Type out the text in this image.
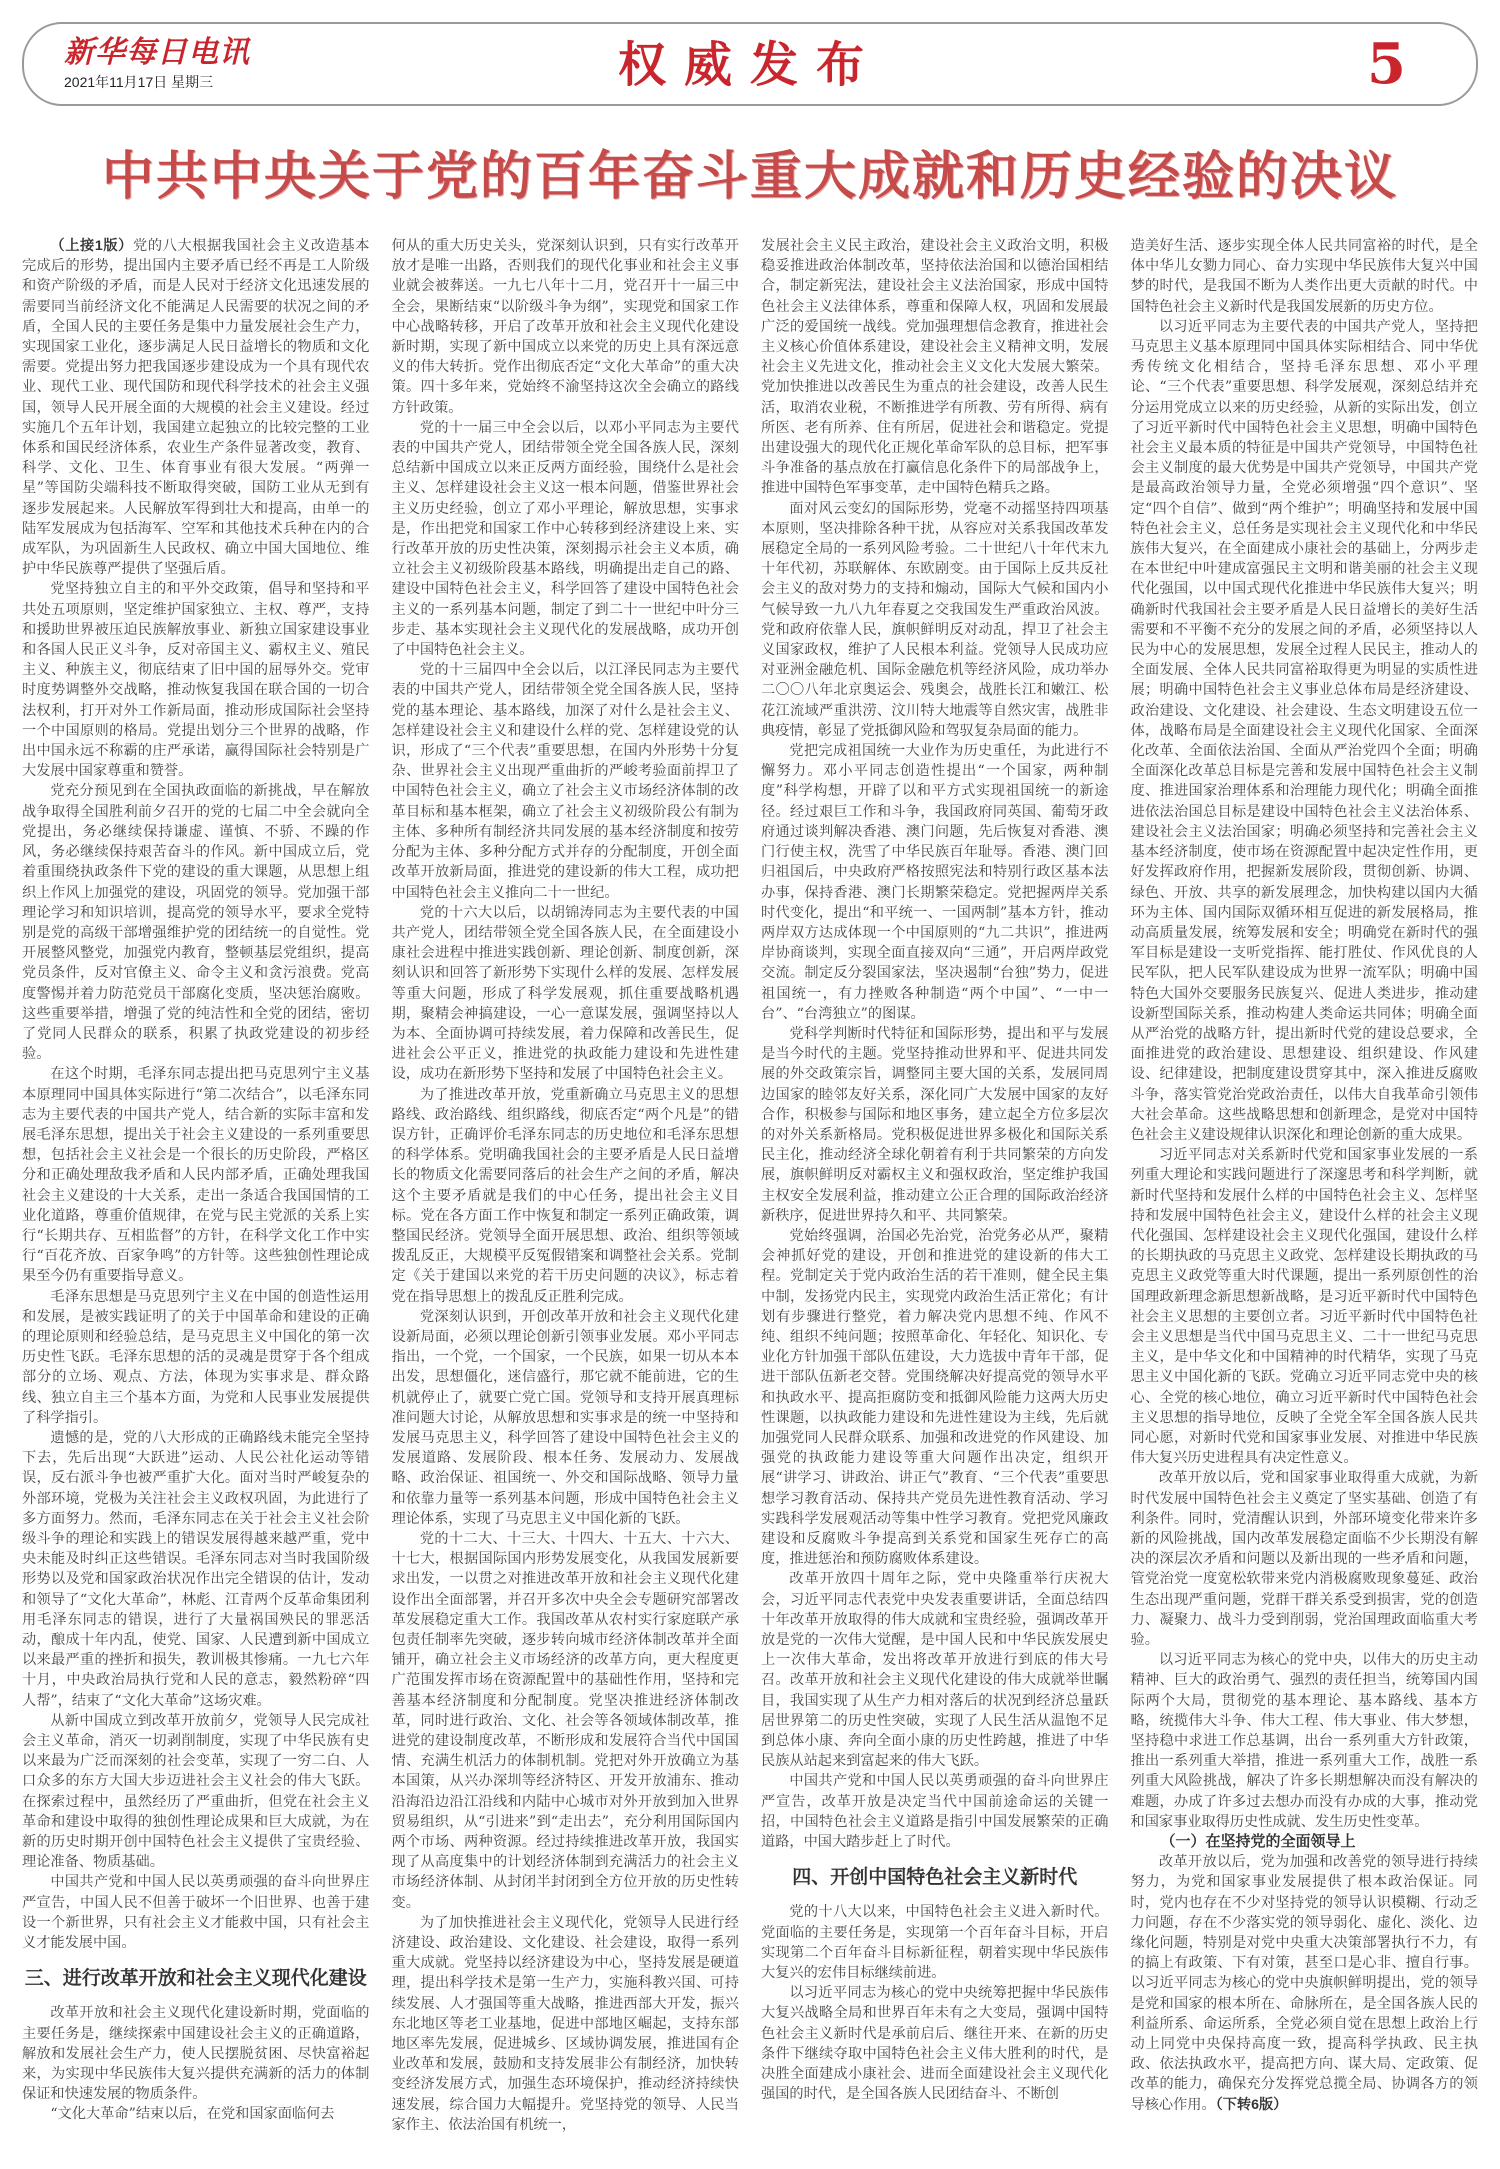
新华每日电讯
2021年11月17日 星期三	权威发布	5
中共中央关于党的百年奋斗重大成就和历史经验的决议

（上接1版）党的八大根据我国社会主义改造基本完成后的形势，提出国内主要矛盾已经不再是工人阶级和资产阶级的矛盾，而是人民对于经济文化迅速发展的需要同当前经济文化不能满足人民需要的状况之间的矛盾，全国人民的主要任务是集中力量发展社会生产力，实现国家工业化，逐步满足人民日益增长的物质和文化需要。党提出努力把我国逐步建设成为一个具有现代农业、现代工业、现代国防和现代科学技术的社会主义强国，领导人民开展全面的大规模的社会主义建设。经过实施几个五年计划，我国建立起独立的比较完整的工业体系和国民经济体系，农业生产条件显著改变，教育、科学、文化、卫生、体育事业有很大发展。“两弹一星”等国防尖端科技不断取得突破，国防工业从无到有逐步发展起来。人民解放军得到壮大和提高，由单一的陆军发展成为包括海军、空军和其他技术兵种在内的合成军队，为巩固新生人民政权、确立中国大国地位、维护中华民族尊严提供了坚强后盾。

党坚持独立自主的和平外交政策，倡导和坚持和平共处五项原则，坚定维护国家独立、主权、尊严，支持和援助世界被压迫民族解放事业、新独立国家建设事业和各国人民正义斗争，反对帝国主义、霸权主义、殖民主义、种族主义，彻底结束了旧中国的屈辱外交。党审时度势调整外交战略，推动恢复我国在联合国的一切合法权利，打开对外工作新局面，推动形成国际社会坚持一个中国原则的格局。党提出划分三个世界的战略，作出中国永远不称霸的庄严承诺，赢得国际社会特别是广大发展中国家尊重和赞誉。

党充分预见到在全国执政面临的新挑战，早在解放战争取得全国胜利前夕召开的党的七届二中全会就向全党提出，务必继续保持谦虚、谨慎、不骄、不躁的作风，务必继续保持艰苦奋斗的作风。新中国成立后，党着重围绕执政条件下党的建设的重大课题，从思想上组织上作风上加强党的建设，巩固党的领导。党加强干部理论学习和知识培训，提高党的领导水平，要求全党特别是党的高级干部增强维护党的团结统一的自觉性。党开展整风整党，加强党内教育，整顿基层党组织，提高党员条件，反对官僚主义、命令主义和贪污浪费。党高度警惕并着力防范党员干部腐化变质，坚决惩治腐败。这些重要举措，增强了党的纯洁性和全党的团结，密切了党同人民群众的联系，积累了执政党建设的初步经验。

在这个时期，毛泽东同志提出把马克思列宁主义基本原理同中国具体实际进行“第二次结合”，以毛泽东同志为主要代表的中国共产党人，结合新的实际丰富和发展毛泽东思想，提出关于社会主义建设的一系列重要思想，包括社会主义社会是一个很长的历史阶段，严格区分和正确处理敌我矛盾和人民内部矛盾，正确处理我国社会主义建设的十大关系，走出一条适合我国国情的工业化道路，尊重价值规律，在党与民主党派的关系上实行“长期共存、互相监督”的方针，在科学文化工作中实行“百花齐放、百家争鸣”的方针等。这些独创性理论成果至今仍有重要指导意义。

毛泽东思想是马克思列宁主义在中国的创造性运用和发展，是被实践证明了的关于中国革命和建设的正确的理论原则和经验总结，是马克思主义中国化的第一次历史性飞跃。毛泽东思想的活的灵魂是贯穿于各个组成部分的立场、观点、方法，体现为实事求是、群众路线、独立自主三个基本方面，为党和人民事业发展提供了科学指引。

遗憾的是，党的八大形成的正确路线未能完全坚持下去，先后出现“大跃进”运动、人民公社化运动等错误，反右派斗争也被严重扩大化。面对当时严峻复杂的外部环境，党极为关注社会主义政权巩固，为此进行了多方面努力。然而，毛泽东同志在关于社会主义社会阶级斗争的理论和实践上的错误发展得越来越严重，党中央未能及时纠正这些错误。毛泽东同志对当时我国阶级形势以及党和国家政治状况作出完全错误的估计，发动和领导了“文化大革命”，林彪、江青两个反革命集团利用毛泽东同志的错误，进行了大量祸国殃民的罪恶活动，酿成十年内乱，使党、国家、人民遭到新中国成立以来最严重的挫折和损失，教训极其惨痛。一九七六年十月，中央政治局执行党和人民的意志，毅然粉碎“四人帮”，结束了“文化大革命”这场灾难。

从新中国成立到改革开放前夕，党领导人民完成社会主义革命，消灭一切剥削制度，实现了中华民族有史以来最为广泛而深刻的社会变革，实现了一穷二白、人口众多的东方大国大步迈进社会主义社会的伟大飞跃。在探索过程中，虽然经历了严重曲折，但党在社会主义革命和建设中取得的独创性理论成果和巨大成就，为在新的历史时期开创中国特色社会主义提供了宝贵经验、理论准备、物质基础。

中国共产党和中国人民以英勇顽强的奋斗向世界庄严宣告，中国人民不但善于破坏一个旧世界、也善于建设一个新世界，只有社会主义才能救中国，只有社会主义才能发展中国。

三、进行改革开放和社会主义现代化建设

改革开放和社会主义现代化建设新时期，党面临的主要任务是，继续探索中国建设社会主义的正确道路，解放和发展社会生产力，使人民摆脱贫困、尽快富裕起来，为实现中华民族伟大复兴提供充满新的活力的体制保证和快速发展的物质条件。

“文化大革命”结束以后，在党和国家面临何去

何从的重大历史关头，党深刻认识到，只有实行改革开放才是唯一出路，否则我们的现代化事业和社会主义事业就会被葬送。一九七八年十二月，党召开十一届三中全会，果断结束“以阶级斗争为纲”，实现党和国家工作中心战略转移，开启了改革开放和社会主义现代化建设新时期，实现了新中国成立以来党的历史上具有深远意义的伟大转折。党作出彻底否定“文化大革命”的重大决策。四十多年来，党始终不渝坚持这次全会确立的路线方针政策。

党的十一届三中全会以后，以邓小平同志为主要代表的中国共产党人，团结带领全党全国各族人民，深刻总结新中国成立以来正反两方面经验，围绕什么是社会主义、怎样建设社会主义这一根本问题，借鉴世界社会主义历史经验，创立了邓小平理论，解放思想，实事求是，作出把党和国家工作中心转移到经济建设上来、实行改革开放的历史性决策，深刻揭示社会主义本质，确立社会主义初级阶段基本路线，明确提出走自己的路、建设中国特色社会主义，科学回答了建设中国特色社会主义的一系列基本问题，制定了到二十一世纪中叶分三步走、基本实现社会主义现代化的发展战略，成功开创了中国特色社会主义。

党的十三届四中全会以后，以江泽民同志为主要代表的中国共产党人，团结带领全党全国各族人民，坚持党的基本理论、基本路线，加深了对什么是社会主义、怎样建设社会主义和建设什么样的党、怎样建设党的认识，形成了“三个代表”重要思想，在国内外形势十分复杂、世界社会主义出现严重曲折的严峻考验面前捍卫了中国特色社会主义，确立了社会主义市场经济体制的改革目标和基本框架，确立了社会主义初级阶段公有制为主体、多种所有制经济共同发展的基本经济制度和按劳分配为主体、多种分配方式并存的分配制度，开创全面改革开放新局面，推进党的建设新的伟大工程，成功把中国特色社会主义推向二十一世纪。

党的十六大以后，以胡锦涛同志为主要代表的中国共产党人，团结带领全党全国各族人民，在全面建设小康社会进程中推进实践创新、理论创新、制度创新，深刻认识和回答了新形势下实现什么样的发展、怎样发展等重大问题，形成了科学发展观，抓住重要战略机遇期，聚精会神搞建设，一心一意谋发展，强调坚持以人为本、全面协调可持续发展，着力保障和改善民生，促进社会公平正义，推进党的执政能力建设和先进性建设，成功在新形势下坚持和发展了中国特色社会主义。

为了推进改革开放，党重新确立马克思主义的思想路线、政治路线、组织路线，彻底否定“两个凡是”的错误方针，正确评价毛泽东同志的历史地位和毛泽东思想的科学体系。党明确我国社会的主要矛盾是人民日益增长的物质文化需要同落后的社会生产之间的矛盾，解决这个主要矛盾就是我们的中心任务，提出社会主义目标。党在各方面工作中恢复和制定一系列正确政策，调整国民经济。党领导全面开展思想、政治、组织等领域拨乱反正，大规模平反冤假错案和调整社会关系。党制定《关于建国以来党的若干历史问题的决议》，标志着党在指导思想上的拨乱反正胜利完成。

党深刻认识到，开创改革开放和社会主义现代化建设新局面，必须以理论创新引领事业发展。邓小平同志指出，一个党，一个国家，一个民族，如果一切从本本出发，思想僵化，迷信盛行，那它就不能前进，它的生机就停止了，就要亡党亡国。党领导和支持开展真理标准问题大讨论，从解放思想和实事求是的统一中坚持和发展马克思主义，科学回答了建设中国特色社会主义的发展道路、发展阶段、根本任务、发展动力、发展战略、政治保证、祖国统一、外交和国际战略、领导力量和依靠力量等一系列基本问题，形成中国特色社会主义理论体系，实现了马克思主义中国化新的飞跃。

党的十二大、十三大、十四大、十五大、十六大、十七大，根据国际国内形势发展变化，从我国发展新要求出发，一以贯之对推进改革开放和社会主义现代化建设作出全面部署，并召开多次中央全会专题研究部署改革发展稳定重大工作。我国改革从农村实行家庭联产承包责任制率先突破，逐步转向城市经济体制改革并全面铺开，确立社会主义市场经济的改革方向，更大程度更广范围发挥市场在资源配置中的基础性作用，坚持和完善基本经济制度和分配制度。党坚决推进经济体制改革，同时进行政治、文化、社会等各领域体制改革，推进党的建设制度改革，不断形成和发展符合当代中国国情、充满生机活力的体制机制。党把对外开放确立为基本国策，从兴办深圳等经济特区、开发开放浦东、推动沿海沿边沿江沿线和内陆中心城市对外开放到加入世界贸易组织，从“引进来”到“走出去”，充分利用国际国内两个市场、两种资源。经过持续推进改革开放，我国实现了从高度集中的计划经济体制到充满活力的社会主义市场经济体制、从封闭半封闭到全方位开放的历史性转变。

为了加快推进社会主义现代化，党领导人民进行经济建设、政治建设、文化建设、社会建设，取得一系列重大成就。党坚持以经济建设为中心，坚持发展是硬道理，提出科学技术是第一生产力，实施科教兴国、可持续发展、人才强国等重大战略，推进西部大开发，振兴东北地区等老工业基地，促进中部地区崛起，支持东部地区率先发展，促进城乡、区域协调发展，推进国有企业改革和发展，鼓励和支持发展非公有制经济，加快转变经济发展方式，加强生态环境保护，推动经济持续快速发展，综合国力大幅提升。党坚持党的领导、人民当家作主、依法治国有机统一，

发展社会主义民主政治，建设社会主义政治文明，积极稳妥推进政治体制改革，坚持依法治国和以德治国相结合，制定新宪法，建设社会主义法治国家，形成中国特色社会主义法律体系，尊重和保障人权，巩固和发展最广泛的爱国统一战线。党加强理想信念教育，推进社会主义核心价值体系建设，建设社会主义精神文明，发展社会主义先进文化，推动社会主义文化大发展大繁荣。党加快推进以改善民生为重点的社会建设，改善人民生活，取消农业税，不断推进学有所教、劳有所得、病有所医、老有所养、住有所居，促进社会和谐稳定。党提出建设强大的现代化正规化革命军队的总目标，把军事斗争准备的基点放在打赢信息化条件下的局部战争上，推进中国特色军事变革，走中国特色精兵之路。

面对风云变幻的国际形势，党毫不动摇坚持四项基本原则，坚决排除各种干扰，从容应对关系我国改革发展稳定全局的一系列风险考验。二十世纪八十年代末九十年代初，苏联解体、东欧剧变。由于国际上反共反社会主义的敌对势力的支持和煽动，国际大气候和国内小气候导致一九八九年春夏之交我国发生严重政治风波。党和政府依靠人民，旗帜鲜明反对动乱，捍卫了社会主义国家政权，维护了人民根本利益。党领导人民成功应对亚洲金融危机、国际金融危机等经济风险，成功举办二〇〇八年北京奥运会、残奥会，战胜长江和嫩江、松花江流域严重洪涝、汶川特大地震等自然灾害，战胜非典疫情，彰显了党抵御风险和驾驭复杂局面的能力。

党把完成祖国统一大业作为历史重任，为此进行不懈努力。邓小平同志创造性提出“一个国家，两种制度”科学构想，开辟了以和平方式实现祖国统一的新途径。经过艰巨工作和斗争，我国政府同英国、葡萄牙政府通过谈判解决香港、澳门问题，先后恢复对香港、澳门行使主权，洗雪了中华民族百年耻辱。香港、澳门回归祖国后，中央政府严格按照宪法和特别行政区基本法办事，保持香港、澳门长期繁荣稳定。党把握两岸关系时代变化，提出“和平统一、一国两制”基本方针，推动两岸双方达成体现一个中国原则的“九二共识”，推进两岸协商谈判，实现全面直接双向“三通”，开启两岸政党交流。制定反分裂国家法，坚决遏制“台独”势力，促进祖国统一，有力挫败各种制造“两个中国”、“一中一台”、“台湾独立”的图谋。

党科学判断时代特征和国际形势，提出和平与发展是当今时代的主题。党坚持推动世界和平、促进共同发展的外交政策宗旨，调整同主要大国的关系，发展同周边国家的睦邻友好关系，深化同广大发展中国家的友好合作，积极参与国际和地区事务，建立起全方位多层次的对外关系新格局。党积极促进世界多极化和国际关系民主化，推动经济全球化朝着有利于共同繁荣的方向发展，旗帜鲜明反对霸权主义和强权政治，坚定维护我国主权安全发展利益，推动建立公正合理的国际政治经济新秩序，促进世界持久和平、共同繁荣。

党始终强调，治国必先治党，治党务必从严，聚精会神抓好党的建设，开创和推进党的建设新的伟大工程。党制定关于党内政治生活的若干准则，健全民主集中制，发扬党内民主，实现党内政治生活正常化；有计划有步骤进行整党，着力解决党内思想不纯、作风不纯、组织不纯问题；按照革命化、年轻化、知识化、专业化方针加强干部队伍建设，大力选拔中青年干部，促进干部队伍新老交替。党围绕解决好提高党的领导水平和执政水平、提高拒腐防变和抵御风险能力这两大历史性课题，以执政能力建设和先进性建设为主线，先后就加强党同人民群众联系、加强和改进党的作风建设、加强党的执政能力建设等重大问题作出决定，组织开展“讲学习、讲政治、讲正气”教育、“三个代表”重要思想学习教育活动、保持共产党员先进性教育活动、学习实践科学发展观活动等集中性学习教育。党把党风廉政建设和反腐败斗争提高到关系党和国家生死存亡的高度，推进惩治和预防腐败体系建设。

改革开放四十周年之际，党中央隆重举行庆祝大会，习近平同志代表党中央发表重要讲话，全面总结四十年改革开放取得的伟大成就和宝贵经验，强调改革开放是党的一次伟大觉醒，是中国人民和中华民族发展史上一次伟大革命，发出将改革开放进行到底的伟大号召。改革开放和社会主义现代化建设的伟大成就举世瞩目，我国实现了从生产力相对落后的状况到经济总量跃居世界第二的历史性突破，实现了人民生活从温饱不足到总体小康、奔向全面小康的历史性跨越，推进了中华民族从站起来到富起来的伟大飞跃。

中国共产党和中国人民以英勇顽强的奋斗向世界庄严宣告，改革开放是决定当代中国前途命运的关键一招，中国特色社会主义道路是指引中国发展繁荣的正确道路，中国大踏步赶上了时代。

四、开创中国特色社会主义新时代

党的十八大以来，中国特色社会主义进入新时代。党面临的主要任务是，实现第一个百年奋斗目标，开启实现第二个百年奋斗目标新征程，朝着实现中华民族伟大复兴的宏伟目标继续前进。

以习近平同志为核心的党中央统筹把握中华民族伟大复兴战略全局和世界百年未有之大变局，强调中国特色社会主义新时代是承前启后、继往开来、在新的历史条件下继续夺取中国特色社会主义伟大胜利的时代，是决胜全面建成小康社会、进而全面建设社会主义现代化强国的时代，是全国各族人民团结奋斗、不断创

造美好生活、逐步实现全体人民共同富裕的时代，是全体中华儿女勠力同心、奋力实现中华民族伟大复兴中国梦的时代，是我国不断为人类作出更大贡献的时代。中国特色社会主义新时代是我国发展新的历史方位。

以习近平同志为主要代表的中国共产党人，坚持把马克思主义基本原理同中国具体实际相结合、同中华优秀传统文化相结合，坚持毛泽东思想、邓小平理论、“三个代表”重要思想、科学发展观，深刻总结并充分运用党成立以来的历史经验，从新的实际出发，创立了习近平新时代中国特色社会主义思想，明确中国特色社会主义最本质的特征是中国共产党领导，中国特色社会主义制度的最大优势是中国共产党领导，中国共产党是最高政治领导力量，全党必须增强“四个意识”、坚定“四个自信”、做到“两个维护”；明确坚持和发展中国特色社会主义，总任务是实现社会主义现代化和中华民族伟大复兴，在全面建成小康社会的基础上，分两步走在本世纪中叶建成富强民主文明和谐美丽的社会主义现代化强国，以中国式现代化推进中华民族伟大复兴；明确新时代我国社会主要矛盾是人民日益增长的美好生活需要和不平衡不充分的发展之间的矛盾，必须坚持以人民为中心的发展思想，发展全过程人民民主，推动人的全面发展、全体人民共同富裕取得更为明显的实质性进展；明确中国特色社会主义事业总体布局是经济建设、政治建设、文化建设、社会建设、生态文明建设五位一体，战略布局是全面建设社会主义现代化国家、全面深化改革、全面依法治国、全面从严治党四个全面；明确全面深化改革总目标是完善和发展中国特色社会主义制度、推进国家治理体系和治理能力现代化；明确全面推进依法治国总目标是建设中国特色社会主义法治体系、建设社会主义法治国家；明确必须坚持和完善社会主义基本经济制度，使市场在资源配置中起决定性作用，更好发挥政府作用，把握新发展阶段，贯彻创新、协调、绿色、开放、共享的新发展理念，加快构建以国内大循环为主体、国内国际双循环相互促进的新发展格局，推动高质量发展，统筹发展和安全；明确党在新时代的强军目标是建设一支听党指挥、能打胜仗、作风优良的人民军队，把人民军队建设成为世界一流军队；明确中国特色大国外交要服务民族复兴、促进人类进步，推动建设新型国际关系，推动构建人类命运共同体；明确全面从严治党的战略方针，提出新时代党的建设总要求，全面推进党的政治建设、思想建设、组织建设、作风建设、纪律建设，把制度建设贯穿其中，深入推进反腐败斗争，落实管党治党政治责任，以伟大自我革命引领伟大社会革命。这些战略思想和创新理念，是党对中国特色社会主义建设规律认识深化和理论创新的重大成果。

习近平同志对关系新时代党和国家事业发展的一系列重大理论和实践问题进行了深邃思考和科学判断，就新时代坚持和发展什么样的中国特色社会主义、怎样坚持和发展中国特色社会主义，建设什么样的社会主义现代化强国、怎样建设社会主义现代化强国，建设什么样的长期执政的马克思主义政党、怎样建设长期执政的马克思主义政党等重大时代课题，提出一系列原创性的治国理政新理念新思想新战略，是习近平新时代中国特色社会主义思想的主要创立者。习近平新时代中国特色社会主义思想是当代中国马克思主义、二十一世纪马克思主义，是中华文化和中国精神的时代精华，实现了马克思主义中国化新的飞跃。党确立习近平同志党中央的核心、全党的核心地位，确立习近平新时代中国特色社会主义思想的指导地位，反映了全党全军全国各族人民共同心愿，对新时代党和国家事业发展、对推进中华民族伟大复兴历史进程具有决定性意义。

改革开放以后，党和国家事业取得重大成就，为新时代发展中国特色社会主义奠定了坚实基础、创造了有利条件。同时，党清醒认识到，外部环境变化带来许多新的风险挑战，国内改革发展稳定面临不少长期没有解决的深层次矛盾和问题以及新出现的一些矛盾和问题，管党治党一度宽松软带来党内消极腐败现象蔓延、政治生态出现严重问题，党群干群关系受到损害，党的创造力、凝聚力、战斗力受到削弱，党治国理政面临重大考验。

以习近平同志为核心的党中央，以伟大的历史主动精神、巨大的政治勇气、强烈的责任担当，统筹国内国际两个大局，贯彻党的基本理论、基本路线、基本方略，统揽伟大斗争、伟大工程、伟大事业、伟大梦想，坚持稳中求进工作总基调，出台一系列重大方针政策，推出一系列重大举措，推进一系列重大工作，战胜一系列重大风险挑战，解决了许多长期想解决而没有解决的难题，办成了许多过去想办而没有办成的大事，推动党和国家事业取得历史性成就、发生历史性变革。

（一）在坚持党的全面领导上

改革开放以后，党为加强和改善党的领导进行持续努力，为党和国家事业发展提供了根本政治保证。同时，党内也存在不少对坚持党的领导认识模糊、行动乏力问题，存在不少落实党的领导弱化、虚化、淡化、边缘化问题，特别是对党中央重大决策部署执行不力，有的搞上有政策、下有对策，甚至口是心非、擅自行事。以习近平同志为核心的党中央旗帜鲜明提出，党的领导是党和国家的根本所在、命脉所在，是全国各族人民的利益所系、命运所系，全党必须自觉在思想上政治上行动上同党中央保持高度一致，提高科学执政、民主执政、依法执政水平，提高把方向、谋大局、定政策、促改革的能力，确保充分发挥党总揽全局、协调各方的领导核心作用。（下转6版）
